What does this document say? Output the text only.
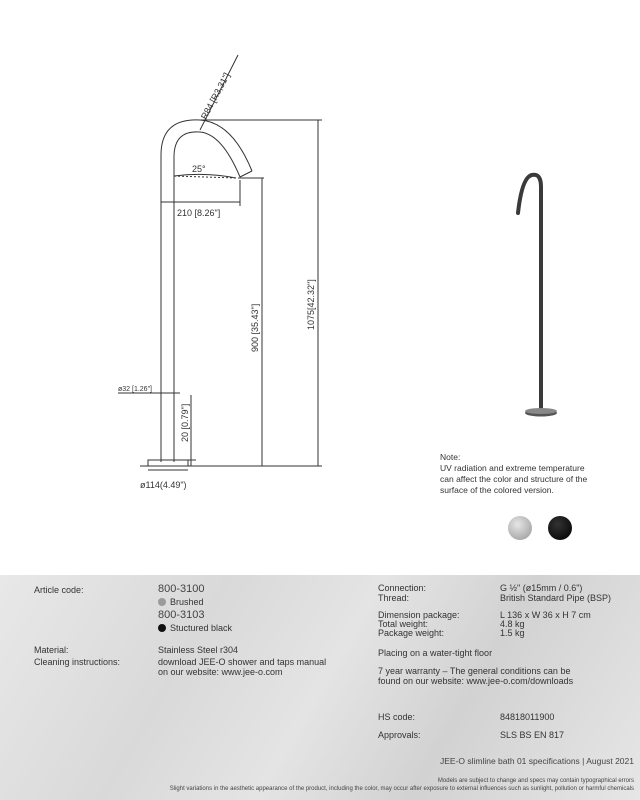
R84 [R3,31"]
25°
210 [8.26"]
900 [35.43"]	1075[42.32"]
ø32 [1.26"]
20 [0.79"]
ø114(4.49")
Note:
UV radiation and extreme temperature
can affect the color and structure of the
surface of the colored version.
Article code:	800-3100
Brushed
800-3103
Stuctured black
Material:	Stainless Steel r304
Cleaning instructions:	download JEE-O shower and taps manual
on our website: www.jee-o.com
Connection:	G ½" (ø15mm / 0.6")
Thread:	British Standard Pipe (BSP)
Dimension package:	L 136 x W 36 x H 7 cm
Total weight:	4.8 kg
Package weight:	1.5 kg
Placing on a water-tight floor
7 year warranty – The general conditions can be
found on our website: www.jee-o.com/downloads
HS code:	84818011900
Approvals:	SLS BS EN 817
JEE-O slimline bath 01 specifications | August 2021
Models are subject to change and specs may contain typographical errors
Slight variations in the aesthetic appearance of the product, including the color, may occur after exposure to external influences such as sunlight, pollution or harmful chemicals
